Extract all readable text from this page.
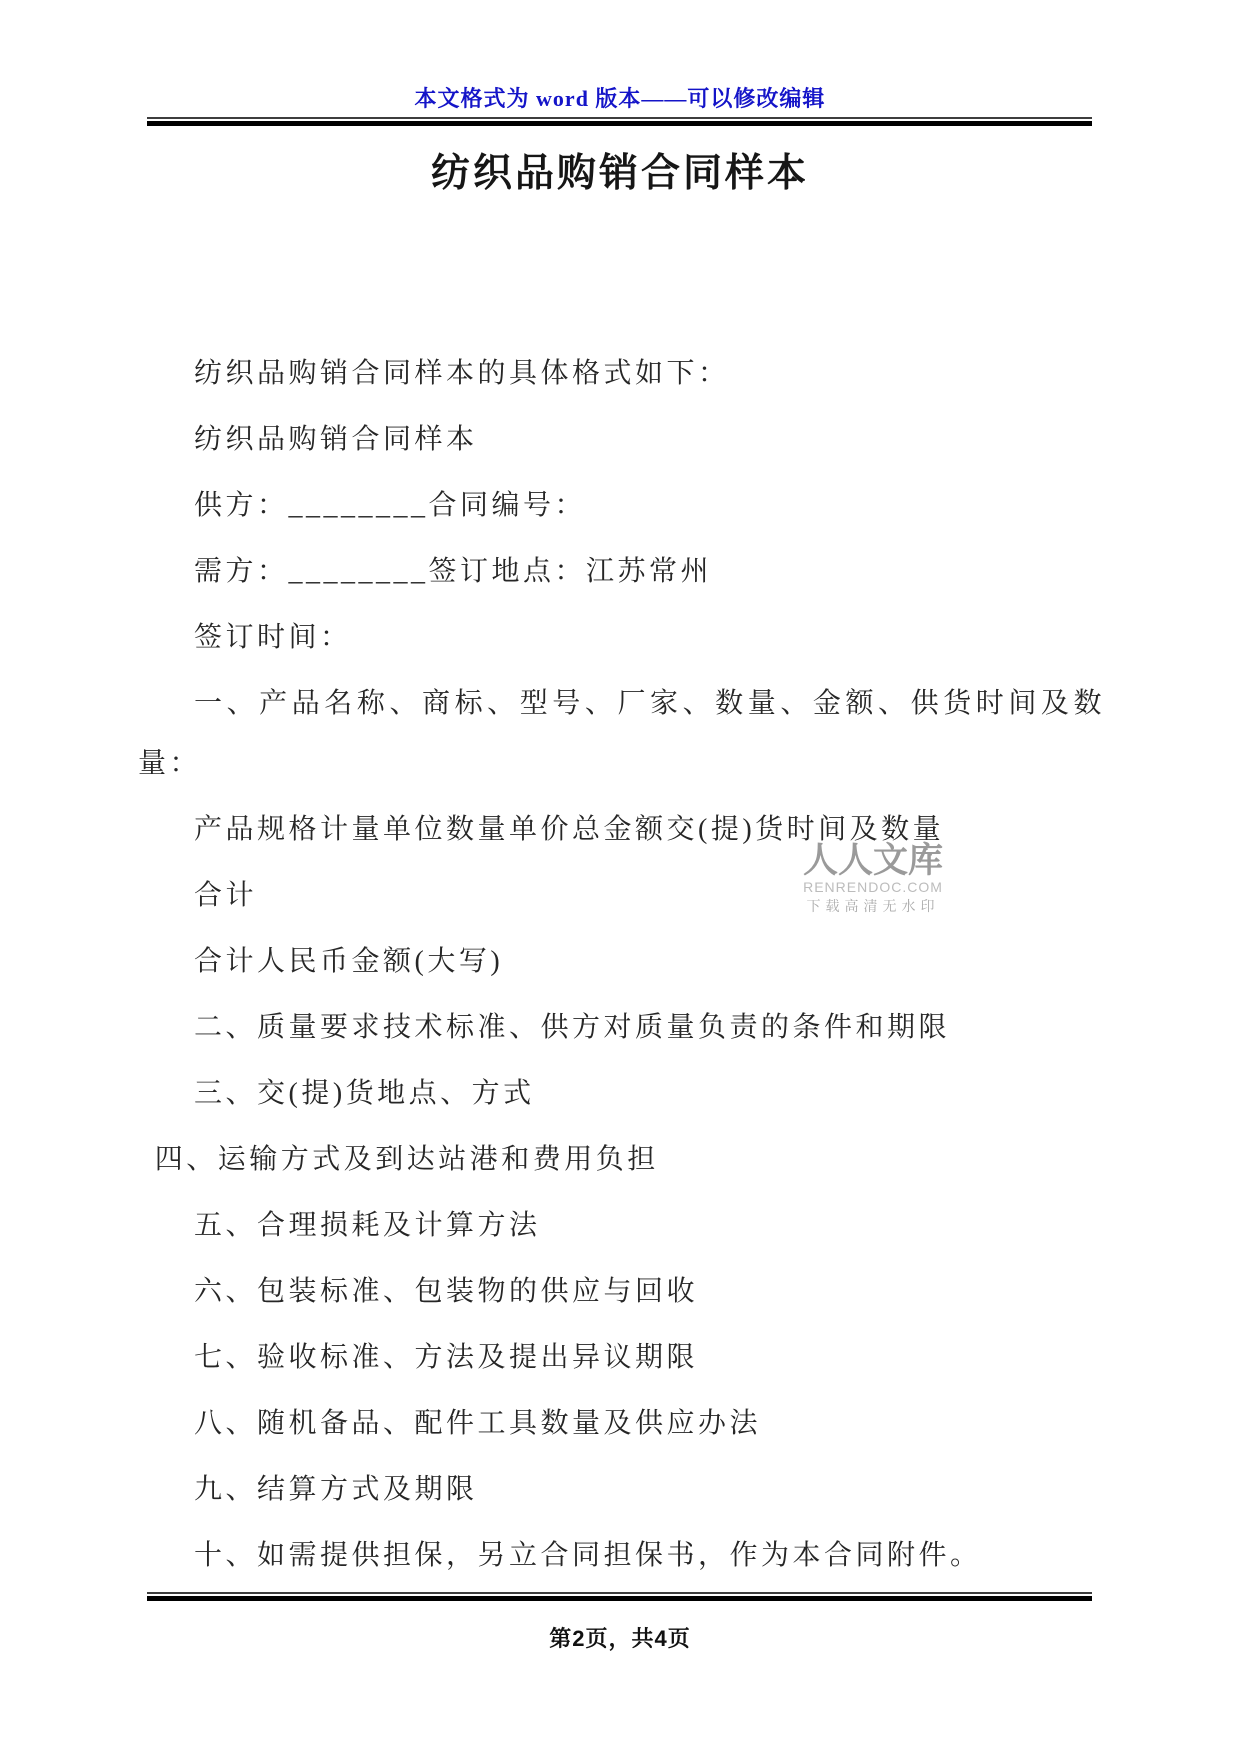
本文格式为 word 版本——可以修改编辑
纺织品购销合同样本
纺织品购销合同样本的具体格式如下：
纺织品购销合同样本
供方：________合同编号：
需方：________签订地点：江苏常州
签订时间：
一、产品名称、商标、型号、厂家、数量、金额、供货时间及数
量：
产品规格计量单位数量单价总金额交(提)货时间及数量
合计
合计人民币金额(大写)
二、质量要求技术标准、供方对质量负责的条件和期限
三、交(提)货地点、方式
四、运输方式及到达站港和费用负担
五、合理损耗及计算方法
六、包装标准、包装物的供应与回收
七、验收标准、方法及提出异议期限
八、随机备品、配件工具数量及供应办法
九、结算方式及期限
十、如需提供担保，另立合同担保书，作为本合同附件。
人人文库
RENRENDOC.COM
下载高清无水印
第2页，共4页
